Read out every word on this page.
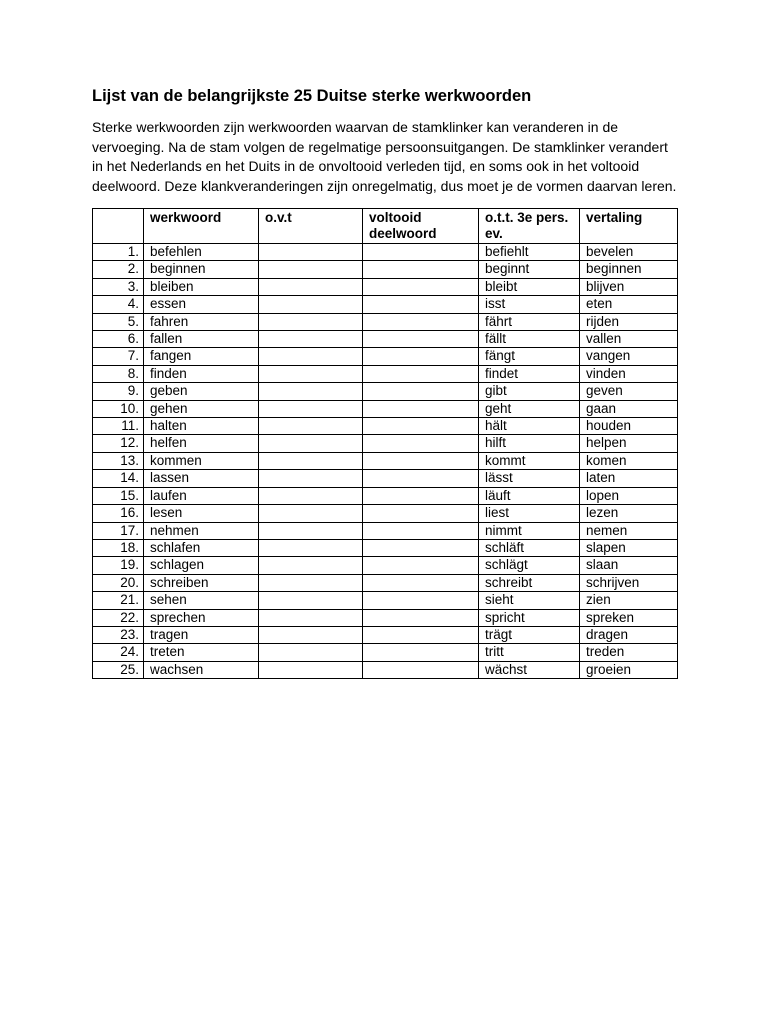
Lijst van de belangrijkste 25 Duitse sterke werkwoorden

Sterke werkwoorden zijn werkwoorden waarvan de stamklinker kan veranderen in de vervoeging. Na de stam volgen de regelmatige persoonsuitgangen. De stamklinker verandert in het Nederlands en het Duits in de onvoltooid verleden tijd, en soms ook in het voltooid deelwoord. Deze klankveranderingen zijn onregelmatig, dus moet je de vormen daarvan leren.

	werkwoord	o.v.t	voltooid deelwoord	o.t.t. 3e pers. ev.	vertaling
1.	befehlen			befiehlt	bevelen
2.	beginnen			beginnt	beginnen
3.	bleiben			bleibt	blijven
4.	essen			isst	eten
5.	fahren			fährt	rijden
6.	fallen			fällt	vallen
7.	fangen			fängt	vangen
8.	finden			findet	vinden
9.	geben			gibt	geven
10.	gehen			geht	gaan
11.	halten			hält	houden
12.	helfen			hilft	helpen
13.	kommen			kommt	komen
14.	lassen			lässt	laten
15.	laufen			läuft	lopen
16.	lesen			liest	lezen
17.	nehmen			nimmt	nemen
18.	schlafen			schläft	slapen
19.	schlagen			schlägt	slaan
20.	schreiben			schreibt	schrijven
21.	sehen			sieht	zien
22.	sprechen			spricht	spreken
23.	tragen			trägt	dragen
24.	treten			tritt	treden
25.	wachsen			wächst	groeien
